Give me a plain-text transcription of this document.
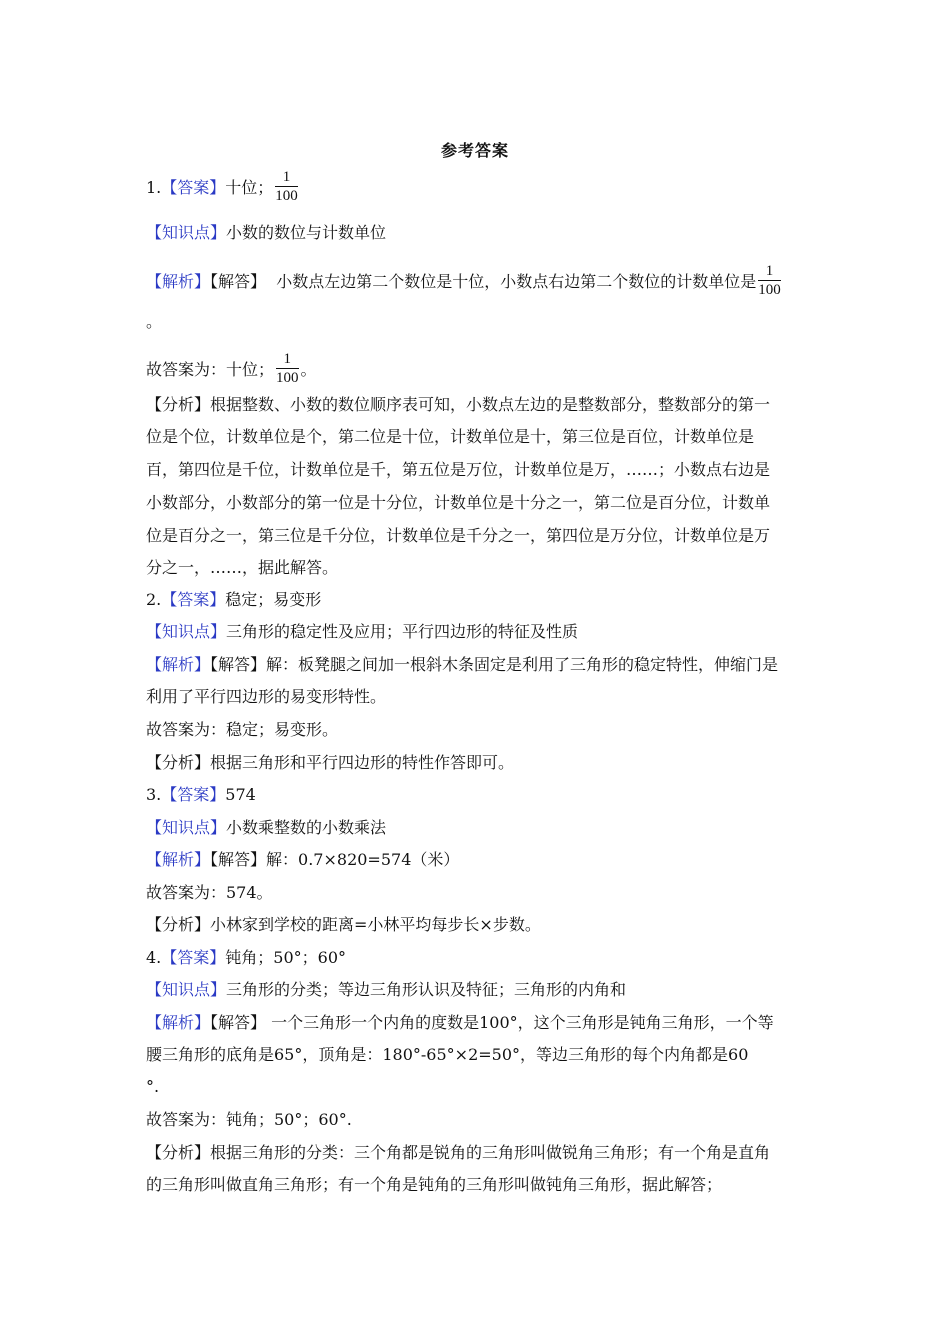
参考答案
1.【答案】十位； $\frac{1}{100}$
【知识点】小数的数位与计数单位
【解析】【解答】  小数点左边第二个数位是十位，小数点右边第二个数位的计数单位是 $\frac{1}{100}$
。
故答案为：十位； $\frac{1}{100}$ 。
【分析】根据整数、小数的数位顺序表可知，小数点左边的是整数部分，整数部分的第一
位是个位，计数单位是个，第二位是十位，计数单位是十，第三位是百位，计数单位是
百，第四位是千位，计数单位是千，第五位是万位，计数单位是万，……；小数点右边是
小数部分，小数部分的第一位是十分位，计数单位是十分之一，第二位是百分位，计数单
位是百分之一，第三位是千分位，计数单位是千分之一，第四位是万分位，计数单位是万
分之一，……，据此解答。
2.【答案】稳定；易变形
【知识点】三角形的稳定性及应用；平行四边形的特征及性质
【解析】【解答】解：板凳腿之间加一根斜木条固定是利用了三角形的稳定特性，伸缩门是
利用了平行四边形的易变形特性。
故答案为：稳定；易变形。
【分析】根据三角形和平行四边形的特性作答即可。
3.【答案】574
【知识点】小数乘整数的小数乘法
【解析】【解答】解：0.7×820=574（米）
故答案为：574。
【分析】小林家到学校的距离=小林平均每步长×步数。
4.【答案】钝角；50°；60°
【知识点】三角形的分类；等边三角形认识及特征；三角形的内角和
【解析】【解答】 一个三角形一个内角的度数是100°，这个三角形是钝角三角形，一个等
腰三角形的底角是65°，顶角是：180°-65°×2=50°，等边三角形的每个内角都是60
°.
故答案为：钝角；50°；60°.
【分析】根据三角形的分类：三个角都是锐角的三角形叫做锐角三角形；有一个角是直角
的三角形叫做直角三角形；有一个角是钝角的三角形叫做钝角三角形，据此解答；
